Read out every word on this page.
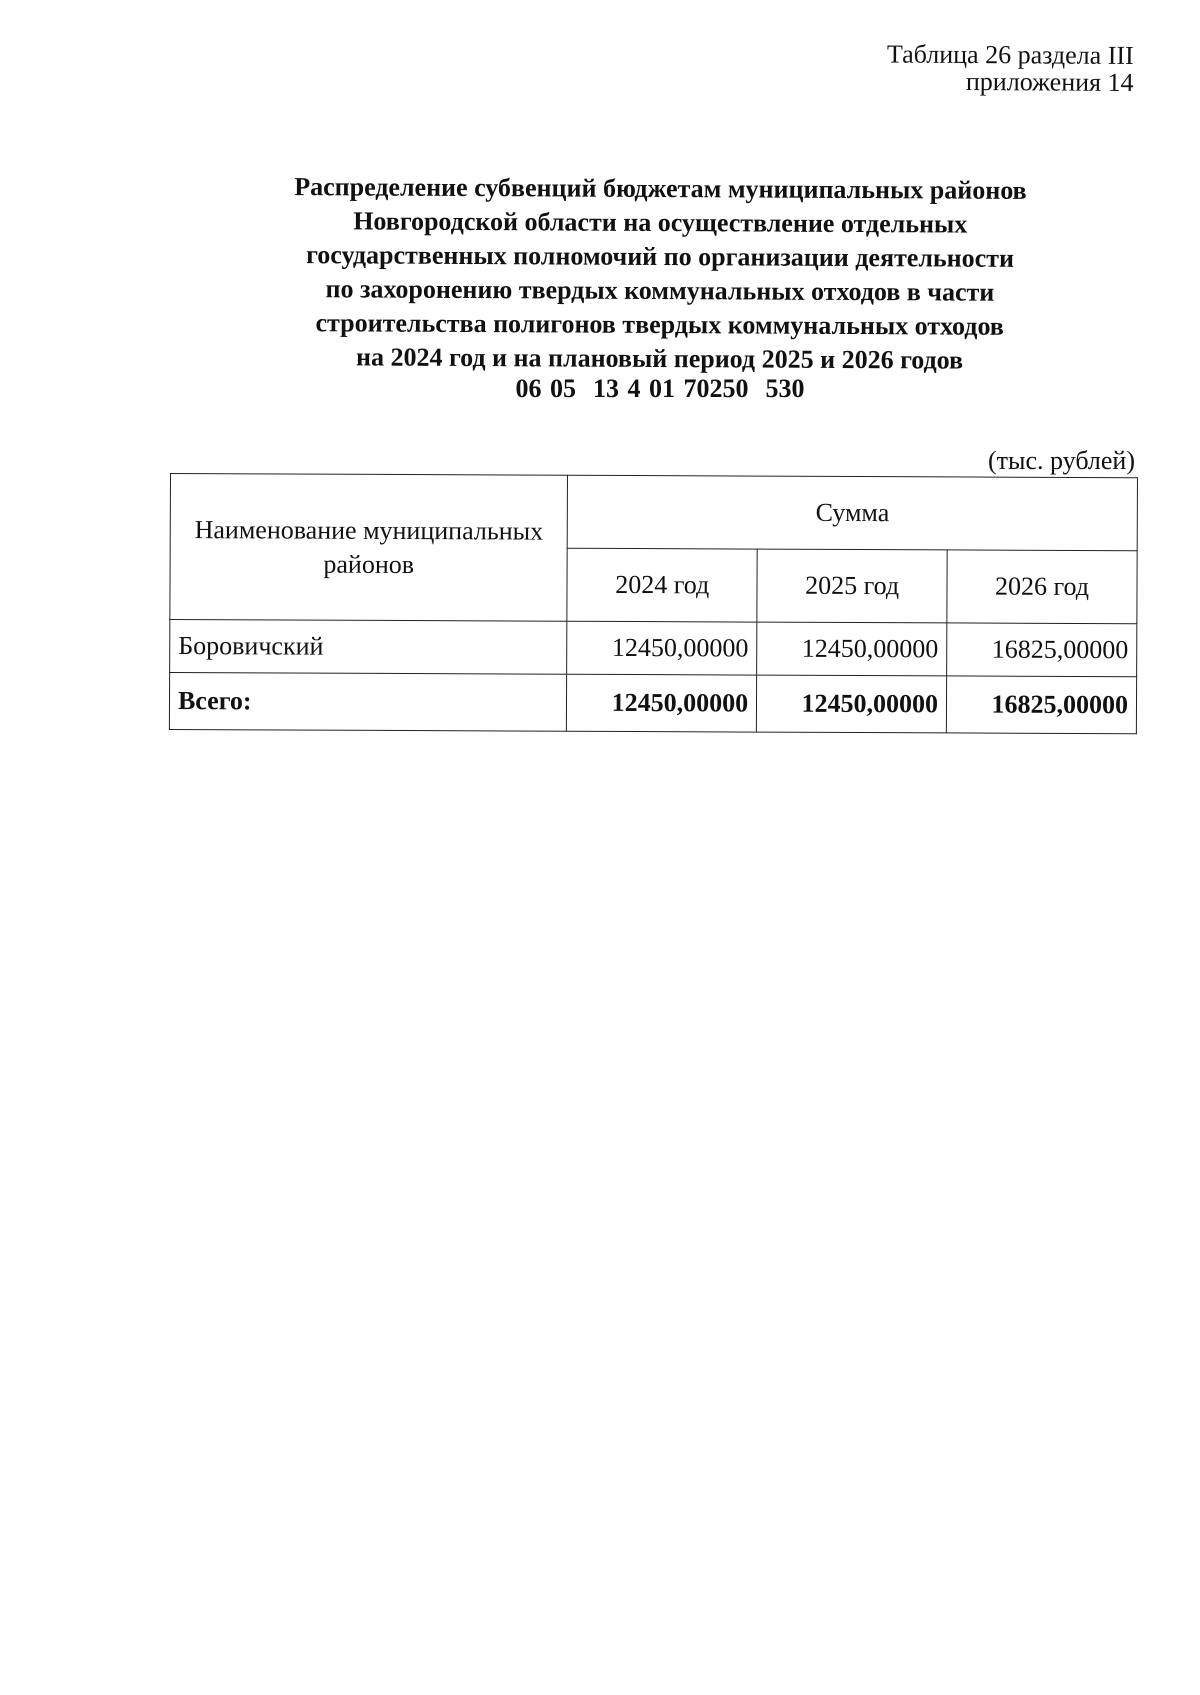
Таблица 26 раздела III
приложения 14
Распределение субвенций бюджетам муниципальных районов
Новгородской области на осуществление отдельных
государственных полномочий по организации деятельности
по захоронению твердых коммунальных отходов в части
строительства полигонов твердых коммунальных отходов
на 2024 год и на плановый период 2025 и 2026 годов
06 05  13 4 01 70250  530
(тыс. рублей)
Наименование муниципальных районов	Сумма		
	2024 год	2025 год	2026 год
Боровичский	12450,00000	12450,00000	16825,00000
Всего:	12450,00000	12450,00000	16825,00000
